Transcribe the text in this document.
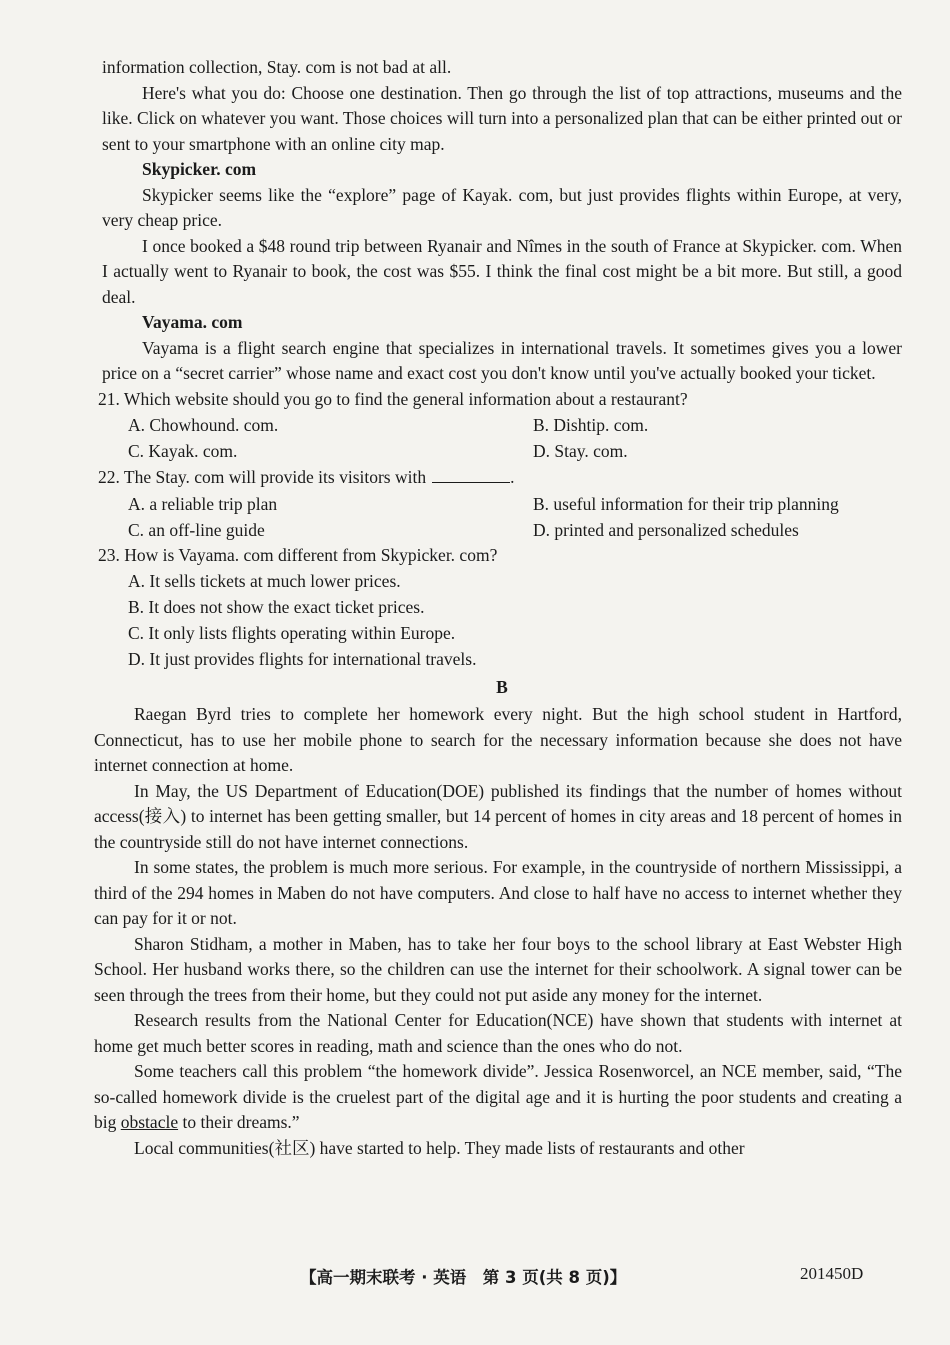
information collection, Stay. com is not bad at all.

Here's what you do: Choose one destination. Then go through the list of top attractions, museums and the like. Click on whatever you want. Those choices will turn into a personalized plan that can be either printed out or sent to your smartphone with an online city map.

Skypicker. com

Skypicker seems like the “explore” page of Kayak. com, but just provides flights within Europe, at very, very cheap price.

I once booked a $48 round trip between Ryanair and Nîmes in the south of France at Skypicker. com. When I actually went to Ryanair to book, the cost was $55. I think the final cost might be a bit more. But still, a good deal.

Vayama. com

Vayama is a flight search engine that specializes in international travels. It sometimes gives you a lower price on a “secret carrier” whose name and exact cost you don't know until you've actually booked your ticket.

21. Which website should you go to find the general information about a restaurant?

A. Chowhound. com.	B. Dishtip. com.
C. Kayak. com.	D. Stay. com.

22. The Stay. com will provide its visitors with	.

A. a reliable trip plan	B. useful information for their trip planning
C. an off-line guide	D. printed and personalized schedules

23. How is Vayama. com different from Skypicker. com?

A. It sells tickets at much lower prices.
B. It does not show the exact ticket prices.
C. It only lists flights operating within Europe.
D. It just provides flights for international travels.
B

Raegan Byrd tries to complete her homework every night. But the high school student in Hartford, Connecticut, has to use her mobile phone to search for the necessary information because she does not have internet connection at home.

In May, the US Department of Education(DOE) published its findings that the number of homes without access(接入) to internet has been getting smaller, but 14 percent of homes in city areas and 18 percent of homes in the countryside still do not have internet connections.

In some states, the problem is much more serious. For example, in the countryside of northern Mississippi, a third of the 294 homes in Maben do not have computers. And close to half have no access to internet whether they can pay for it or not.

Sharon Stidham, a mother in Maben, has to take her four boys to the school library at East Webster High School. Her husband works there, so the children can use the internet for their schoolwork. A signal tower can be seen through the trees from their home, but they could not put aside any money for the internet.

Research results from the National Center for Education(NCE) have shown that students with internet at home get much better scores in reading, math and science than the ones who do not.

Some teachers call this problem “the homework divide”. Jessica Rosenworcel, an NCE member, said, “The so-called homework divide is the cruelest part of the digital age and it is hurting the poor students and creating a big obstacle to their dreams.”

Local communities(社区) have started to help. They made lists of restaurants and other

【高一期末联考 · 英语　第 3 页(共 8 页)】	201450D
